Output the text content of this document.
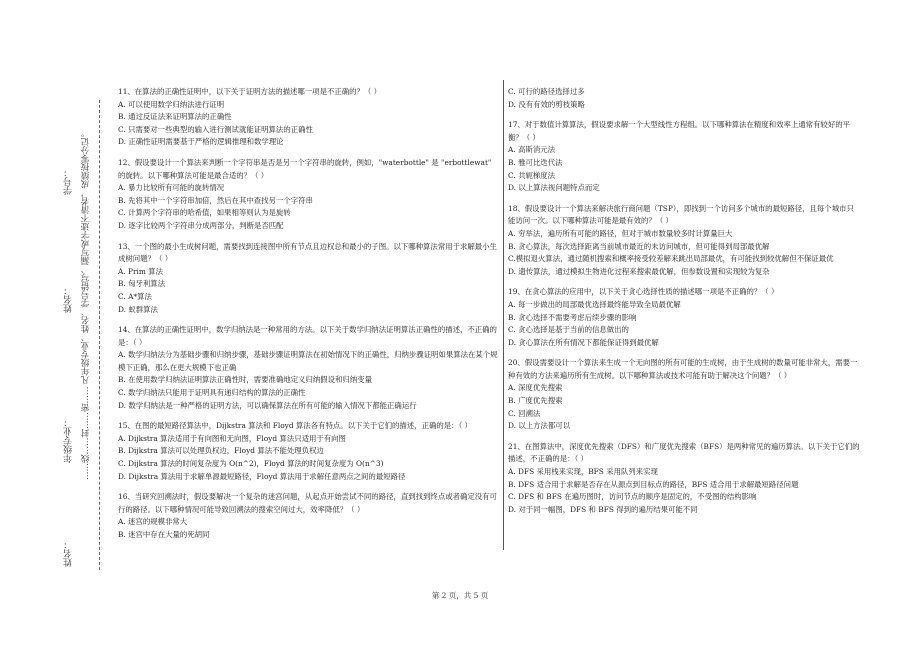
学号：
姓名：
年级专业：
姓名：
……线……封……密…… 凡年级专业、姓名、学号错写、漏写或字迹不清者，成绩按零分记。

11、在算法的正确性证明中，以下关于证明方法的描述哪一项是不正确的？（ ）

A. 可以使用数学归纳法进行证明

B. 通过反证法来证明算法的正确性

C. 只需要对一些典型的输入进行测试就能证明算法的正确性

D. 正确性证明需要基于严格的逻辑推理和数学理论

12、假设要设计一个算法来判断一个字符串是否是另一个字符串的旋转，例如，"waterbottle" 是 "erbottlewat" 的旋转。以下哪种算法可能是最合适的？（ ）

A. 暴力比较所有可能的旋转情况

B. 先将其中一个字符串加倍，然后在其中查找另一个字符串

C. 计算两个字符串的哈希值，如果相等则认为是旋转

D. 逐字比较两个字符串分成两部分，判断是否匹配

13、一个图的最小生成树问题，需要找到连接图中所有节点且边权总和最小的子图。以下哪种算法常用于求解最小生成树问题？（ ）

A. Prim 算法

B. 匈牙利算法

C. A*算法

D. 蚁群算法

14、在算法的正确性证明中，数学归纳法是一种常用的方法。以下关于数学归纳法证明算法正确性的描述，不正确的是：（ ）

A. 数学归纳法分为基础步骤和归纳步骤，基础步骤证明算法在初始情况下的正确性，归纳步骤证明如果算法在某个规模下正确，那么在更大规模下也正确

B. 在使用数学归纳法证明算法正确性时，需要准确地定义归纳假设和归纳变量

C. 数学归纳法只能用于证明具有递归结构的算法的正确性

D. 数学归纳法是一种严格的证明方法，可以确保算法在所有可能的输入情况下都能正确运行

15、在图的最短路径算法中，Dijkstra 算法和 Floyd 算法各有特点。以下关于它们的描述，正确的是：（ ）

A. Dijkstra 算法适用于有向图和无向图，Floyd 算法只适用于有向图

B. Dijkstra 算法可以处理负权边，Floyd 算法不能处理负权边

C. Dijkstra 算法的时间复杂度为 O(n^2)，Floyd 算法的时间复杂度为 O(n^3)

D. Dijkstra 算法用于求解单源最短路径，Floyd 算法用于求解任意两点之间的最短路径

16、当研究回溯法时，假设要解决一个复杂的迷宫问题，从起点开始尝试不同的路径，直到找到终点或者确定没有可行的路径。以下哪种情况可能导致回溯法的搜索空间过大，效率降低？（ ）

A. 迷宫的规模非常大

B. 迷宫中存在大量的死胡同

C. 可行的路径选择过多

D. 没有有效的剪枝策略

17、对于数值计算算法，假设要求解一个大型线性方程组。以下哪种算法在精度和效率上通常有较好的平衡？（ ）

A. 高斯消元法

B. 雅可比迭代法

C. 共轭梯度法

D. 以上算法视问题特点而定

18、假设要设计一个算法来解决旅行商问题（TSP），即找到一个访问多个城市的最短路径，且每个城市只能访问一次。以下哪种算法可能是最有效的？（ ）

A. 穷举法，遍历所有可能的路径，但对于城市数量较多时计算量巨大

B. 贪心算法，每次选择距离当前城市最近的未访问城市，但可能得到局部最优解

C.模拟退火算法，通过随机搜索和概率接受较差解来跳出局部最优，有可能找到较优解但不保证最优

D. 遗传算法，通过模拟生物进化过程来搜索最优解，但参数设置和实现较为复杂

19、在贪心算法的应用中，以下关于贪心选择性质的描述哪一项是不正确的？（ ）

A. 每一步做出的局部最优选择最终能导致全局最优解

B. 贪心选择不需要考虑后续步骤的影响

C. 贪心选择是基于当前的信息做出的

D. 贪心算法在所有情况下都能保证得到最优解

20、假设需要设计一个算法来生成一个无向图的所有可能的生成树，由于生成树的数量可能非常大，需要一种有效的方法来遍历所有生成树。以下哪种算法或技术可能有助于解决这个问题？（ ）

A. 深度优先搜索

B. 广度优先搜索

C. 回溯法

D. 以上方法都可以

21、在图算法中，深度优先搜索（DFS）和广度优先搜索（BFS）是两种常见的遍历算法。以下关于它们的描述，不正确的是：（ ）

A. DFS 采用栈来实现，BFS 采用队列来实现

B. DFS 适合用于求解是否存在从源点到目标点的路径，BFS 适合用于求解最短路径问题

C. DFS 和 BFS 在遍历图时，访问节点的顺序是固定的，不受图的结构影响

D. 对于同一幅图，DFS 和 BFS 得到的遍历结果可能不同

第 2 页，共 5 页
